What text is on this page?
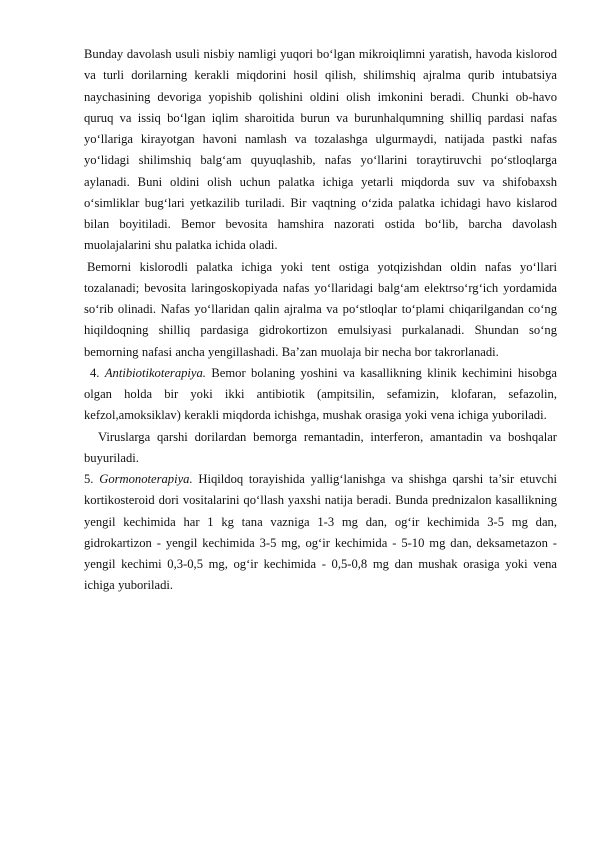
Bunday davolash usuli nisbiy namligi yuqori bo‘lgan mikroiqlimni yaratish, havoda kislorod va turli dorilarning kerakli miqdorini hosil qilish, shilimshiq ajralma qurib intubatsiya naychasining devoriga yopishib qolishini oldini olish imkonini beradi. Chunki ob-havo quruq va issiq bo‘lgan iqlim sharoitida burun va burunhalqumning shilliq pardasi nafas yo‘llariga kirayotgan havoni namlash va tozalashga ulgurmaydi, natijada pastki nafas yo‘lidagi shilimshiq balg‘am quyuqlashib, nafas yo‘llarini toraytiruvchi po‘stloqlarga aylanadi. Buni oldini olish uchun palatka ichiga yetarli miqdorda suv va shifobaxsh o‘simliklar bug‘lari yetkazilib turiladi. Bir vaqtning o‘zida palatka ichidagi havo kislarod bilan boyitiladi. Bemor bevosita hamshira nazorati ostida bo‘lib, barcha davolash muolajalarini shu palatka ichida oladi.

Bemorni kislorodli palatka ichiga yoki tent ostiga yotqizishdan oldin nafas yo‘llari tozalanadi; bevosita laringoskopiyada nafas yo‘llaridagi balg‘am elektrso‘rg‘ich yordamida so‘rib olinadi. Nafas yo‘llaridan qalin ajralma va po‘stloqlar to‘plami chiqarilgandan co‘ng hiqildoqning shilliq pardasiga gidrokortizon emulsiyasi purkalanadi. Shundan so‘ng bemorning nafasi ancha yengillashadi. Ba’zan muolaja bir necha bor takrorlanadi.

4. Antibiotikoterapiya. Bemor bolaning yoshini va kasallikning klinik kechimini hisobga olgan holda bir yoki ikki antibiotik (ampitsilin, sefamizin, klofaran, sefazolin, kefzol,amoksiklav) kerakli miqdorda ichishga, mushak orasiga yoki vena ichiga yuboriladi.

Viruslarga qarshi dorilardan bemorga remantadin, interferon, amantadin va boshqalar buyuriladi.

5. Gormonoterapiya. Hiqildoq torayishida yallig‘lanishga va shishga qarshi ta’sir etuvchi kortikosteroid dori vositalarini qo‘llash yaxshi natija beradi. Bunda prednizalon kasallikning yengil kechimida har 1 kg tana vazniga 1-3 mg dan, og‘ir kechimida 3-5 mg dan, gidrokartizon - yengil kechimida 3-5 mg, og‘ir kechimida - 5-10 mg dan, deksametazon - yengil kechimi 0,3-0,5 mg, og‘ir kechimida - 0,5-0,8 mg dan mushak orasiga yoki vena ichiga yuboriladi.
